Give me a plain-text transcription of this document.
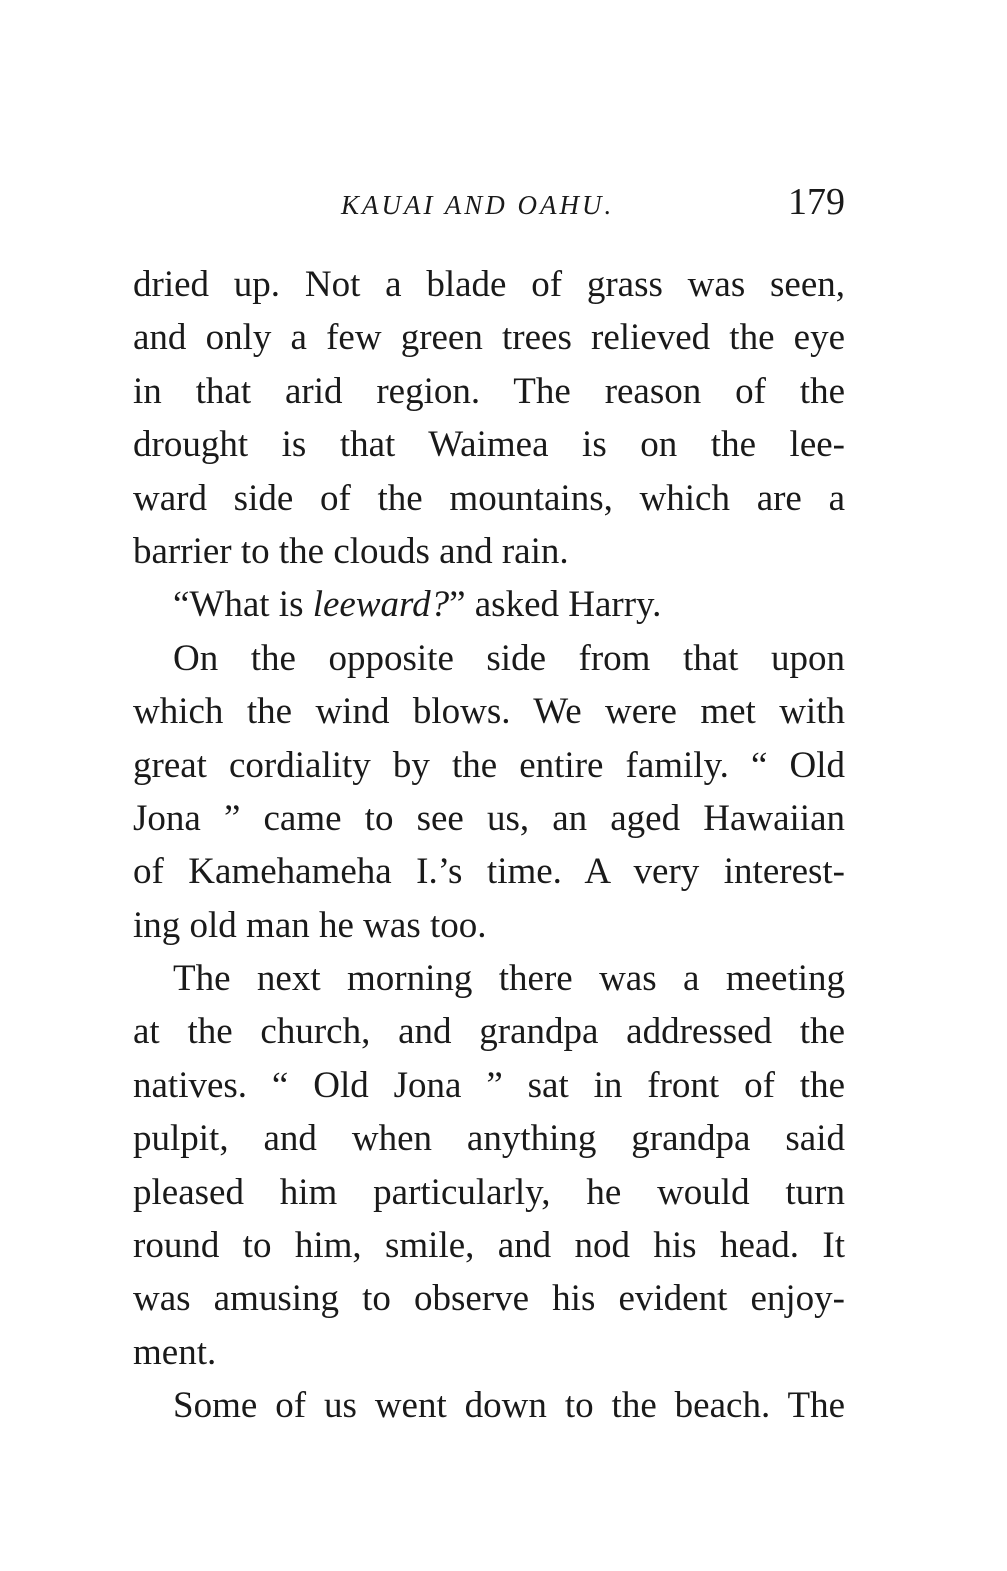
KAUAI AND OAHU.	179
dried up. Not a blade of grass was seen,
and only a few green trees relieved the eye
in that arid region. The reason of the
drought is that Waimea is on the lee-
ward side of the mountains, which are a
barrier to the clouds and rain.
“What is leeward?” asked Harry.
On the opposite side from that upon
which the wind blows. We were met with
great cordiality by the entire family. “ Old
Jona ” came to see us, an aged Hawaiian
of Kamehameha I.’s time. A very interest-
ing old man he was too.
The next morning there was a meeting
at the church, and grandpa addressed the
natives. “ Old Jona ” sat in front of the
pulpit, and when anything grandpa said
pleased him particularly, he would turn
round to him, smile, and nod his head. It
was amusing to observe his evident enjoy-
ment.
Some of us went down to the beach. The
